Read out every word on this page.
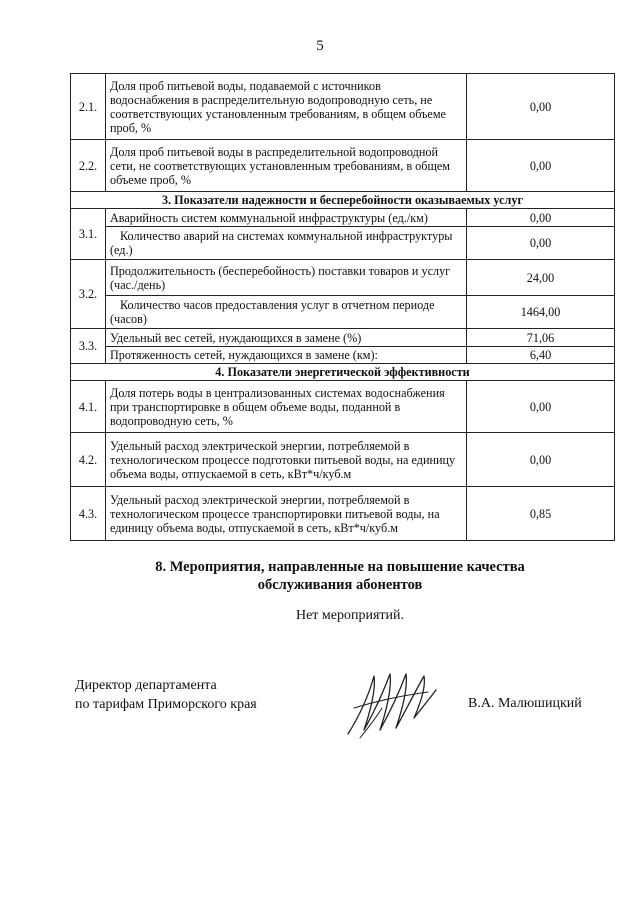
5
2.1.	Доля проб питьевой воды, подаваемой с источников водоснабжения в распределительную водопроводную сеть, не соответствующих установленным требованиям, в общем объеме проб, %	0,00
2.2.	Доля проб питьевой воды в распределительной водопроводной сети, не соответствующих установленным требованиям, в общем объеме проб, %	0,00
3. Показатели надежности и бесперебойности оказываемых услуг		
3.1.	Аварийность систем коммунальной инфраструктуры (ед./км)	0,00
	Количество аварий на системах коммунальной инфраструктуры (ед.)	0,00
3.2.	Продолжительность (бесперебойность) поставки товаров и услуг (час./день)	24,00
	Количество часов предоставления услуг в отчетном периоде (часов)	1464,00
3.3.	Удельный вес сетей, нуждающихся в замене (%)	71,06
	Протяженность сетей, нуждающихся в замене (км):	6,40
4. Показатели энергетической эффективности		
4.1.	Доля потерь воды в централизованных системах водоснабжения при транспортировке в общем объеме воды, поданной в водопроводную сеть, %	0,00
4.2.	Удельный расход электрической энергии, потребляемой в технологическом процессе подготовки питьевой воды, на единицу объема воды, отпускаемой в сеть, кВт*ч/куб.м	0,00
4.3.	Удельный расход электрической энергии, потребляемой в технологическом процессе транспортировки питьевой воды, на единицу объема воды, отпускаемой в сеть, кВт*ч/куб.м	0,85
8. Мероприятия, направленные на повышение качества
обслуживания абонентов
Нет мероприятий.
Директор департамента
по тарифам Приморского края	В.А. Малюшицкий
